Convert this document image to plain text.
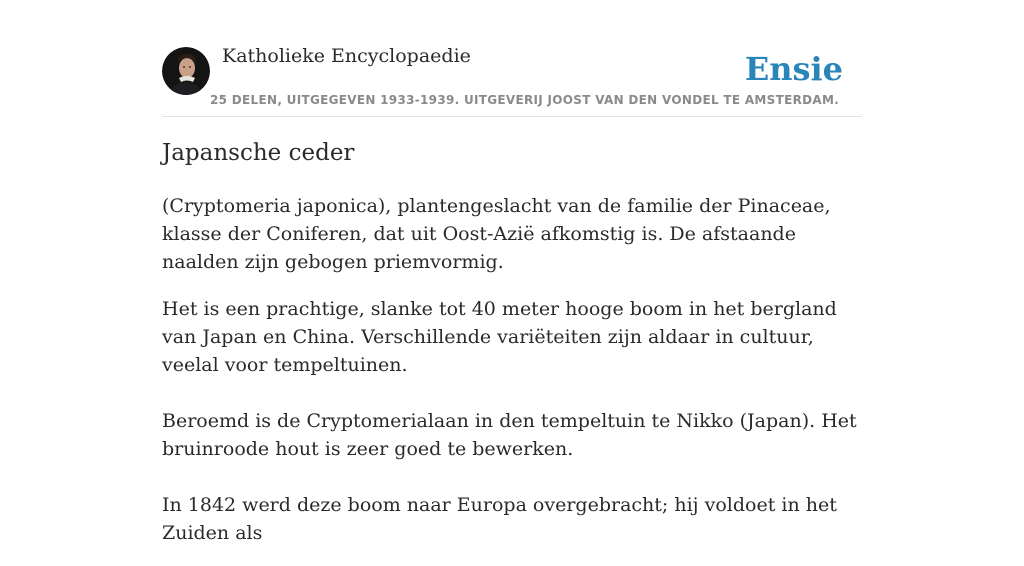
Katholieke Encyclopaedie
25 DELEN, UITGEGEVEN 1933-1939. UITGEVERIJ JOOST VAN DEN VONDEL TE AMSTERDAM.
Ensie
Japansche ceder

(Cryptomeria japonica), plantengeslacht van de familie der Pinaceae, klasse der Coniferen, dat uit Oost-Azië afkomstig is. De afstaande naalden zijn gebogen priemvormig.

Het is een prachtige, slanke tot 40 meter hooge boom in het bergland van Japan en China. Verschillende variëteiten zijn aldaar in cultuur, veelal voor tempeltuinen.

Beroemd is de Cryptomerialaan in den tempeltuin te Nikko (Japan). Het bruinroode hout is zeer goed te bewerken.

In 1842 werd deze boom naar Europa overgebracht; hij voldoet in het Zuiden als
